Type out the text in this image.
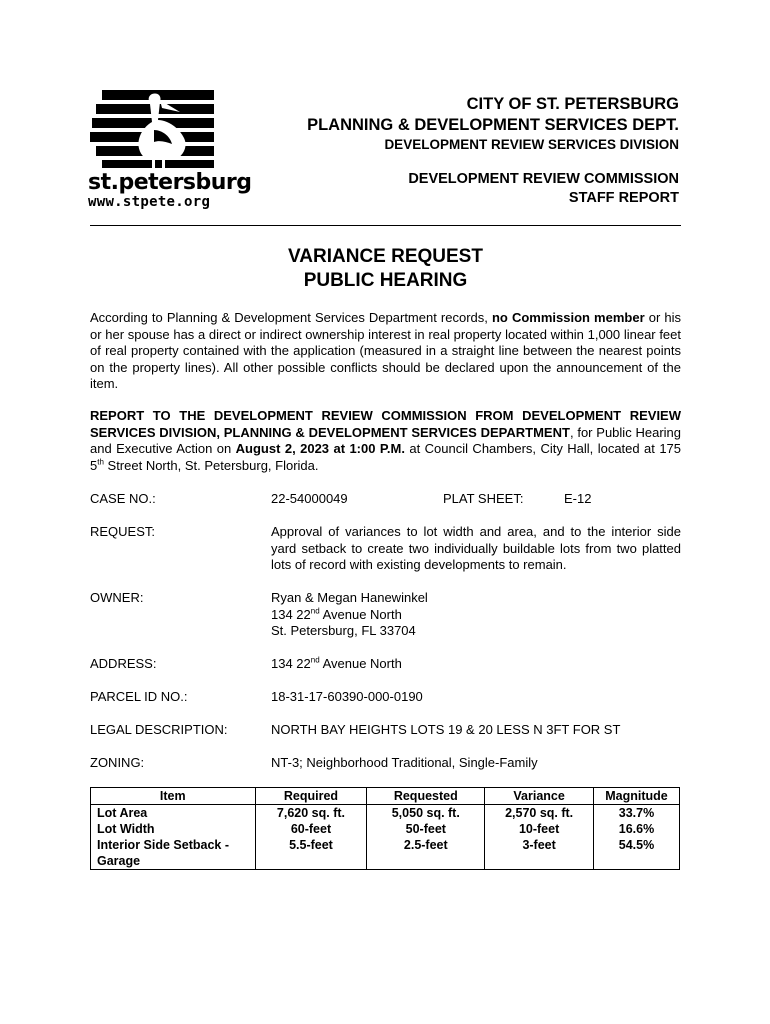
st.petersburg
www.stpete.org
CITY OF ST. PETERSBURG
PLANNING & DEVELOPMENT SERVICES DEPT.
DEVELOPMENT REVIEW SERVICES DIVISION
DEVELOPMENT REVIEW COMMISSION
STAFF REPORT
VARIANCE REQUEST
PUBLIC HEARING
According to Planning & Development Services Department records, no Commission member or his or her spouse has a direct or indirect ownership interest in real property located within 1,000 linear feet of real property contained with the application (measured in a straight line between the nearest points on the property lines). All other possible conflicts should be declared upon the announcement of the item.
REPORT TO THE DEVELOPMENT REVIEW COMMISSION FROM DEVELOPMENT REVIEW SERVICES DIVISION, PLANNING & DEVELOPMENT SERVICES DEPARTMENT, for Public Hearing and Executive Action on August 2, 2023 at 1:00 P.M. at Council Chambers, City Hall, located at 175 5th Street North, St. Petersburg, Florida.
CASE NO.:	22-54000049	PLAT SHEET:	E-12
REQUEST:	Approval of variances to lot width and area, and to the interior side yard setback to create two individually buildable lots from two platted lots of record with existing developments to remain.
OWNER:	Ryan & Megan Hanewinkel
134 22nd Avenue North
St. Petersburg, FL 33704
ADDRESS:	134 22nd Avenue North
PARCEL ID NO.:	18-31-17-60390-000-0190
LEGAL DESCRIPTION:	NORTH BAY HEIGHTS LOTS 19 & 20 LESS N 3FT FOR ST
ZONING:	NT-3; Neighborhood Traditional, Single-Family
Item	Required	Requested	Variance	Magnitude
Lot Area	7,620 sq. ft.	5,050 sq. ft.	2,570 sq. ft.	33.7%
Lot Width	60-feet	50-feet	10-feet	16.6%
Interior Side Setback - Garage	5.5-feet	2.5-feet	3-feet	54.5%
